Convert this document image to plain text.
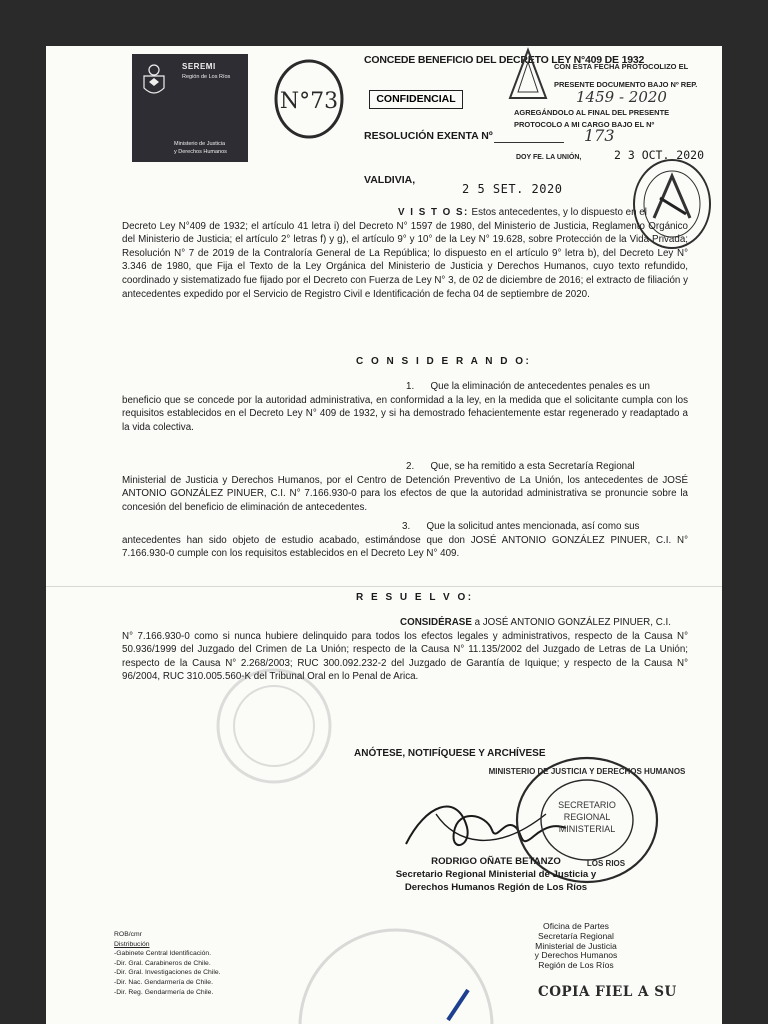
SEREMI
Región de Los Ríos
Ministerio de Justicia
y Derechos Humanos
N°73
CONCEDE BENEFICIO DEL DECRETO LEY N°409 DE 1932
CONFIDENCIAL
RESOLUCIÓN EXENTA Nº
VALDIVIA,
2 5 SET. 2020
CON ESTA FECHA PROTOCOLIZO EL
PRESENTE DOCUMENTO BAJO Nº REP.
1459 - 2020
AGREGÁNDOLO AL FINAL DEL PRESENTE
PROTOCOLO A MI CARGO BAJO EL Nº
173
DOY FE. LA UNIÓN,	2 3 OCT. 2020

V I S T O S: Estos antecedentes, y lo dispuesto en el

Decreto Ley N°409 de 1932; el artículo 41 letra i) del Decreto N° 1597 de 1980, del Ministerio de Justicia, Reglamento Orgánico del Ministerio de Justicia; el artículo 2° letras f) y g), el artículo 9° y 10° de la Ley N° 19.628, sobre Protección de la Vida Privada; Resolución N° 7 de 2019 de la Contraloría General de La República; lo dispuesto en el artículo 9° letra b), del Decreto Ley N° 3.346 de 1980, que Fija el Texto de la Ley Orgánica del Ministerio de Justicia y Derechos Humanos, cuyo texto refundido, coordinado y sistematizado fue fijado por el Decreto con Fuerza de Ley N° 3, de 02 de diciembre de 2016; el extracto de filiación y antecedentes expedido por el Servicio de Registro Civil e Identificación de fecha 04 de septiembre de 2020.

C O N S I D E R A N D O:

1. Que la eliminación de antecedentes penales es un

beneficio que se concede por la autoridad administrativa, en conformidad a la ley, en la medida que el solicitante cumpla con los requisitos establecidos en el Decreto Ley N° 409 de 1932, y si ha demostrado fehacientemente estar regenerado y readaptado a la vida colectiva.

2. Que, se ha remitido a esta Secretaría Regional

Ministerial de Justicia y Derechos Humanos, por el Centro de Detención Preventivo de La Unión, los antecedentes de JOSÉ ANTONIO GONZÁLEZ PINUER, C.I. N° 7.166.930-0 para los efectos de que la autoridad administrativa se pronuncie sobre la concesión del beneficio de eliminación de antecedentes.

3. Que la solicitud antes mencionada, así como sus

antecedentes han sido objeto de estudio acabado, estimándose que don JOSÉ ANTONIO GONZÁLEZ PINUER, C.I. N° 7.166.930-0 cumple con los requisitos establecidos en el Decreto Ley N° 409.

R E S U E L V O:

CONSIDÉRASE a JOSÉ ANTONIO GONZÁLEZ PINUER, C.I.

N° 7.166.930-0 como si nunca hubiere delinquido para todos los efectos legales y administrativos, respecto de la Causa N° 50.936/1999 del Juzgado del Crimen de La Unión; respecto de la Causa N° 11.135/2002 del Juzgado de Letras de La Unión; respecto de la Causa N° 2.268/2003; RUC 300.092.232-2 del Juzgado de Garantía de Iquique; y respecto de la Causa N° 96/2004, RUC 310.005.560-K del Tribunal Oral en lo Penal de Arica.

ANÓTESE, NOTIFÍQUESE Y ARCHÍVESE
MINISTERIO DE JUSTICIA Y DERECHOS HUMANOS
SECRETARIO
REGIONAL
MINISTERIAL
LOS RIOS
RODRIGO OÑATE BETANZO
Secretario Regional Ministerial de Justicia y
Derechos Humanos Región de Los Ríos
ROB/cmr
Distribución
-Gabinete Central Identificación.
-Dir. Gral. Carabineros de Chile.
-Dir. Gral. Investigaciones de Chile.
-Dir. Nac. Gendarmería de Chile.
-Dir. Reg. Gendarmería de Chile.
Oficina de Partes
Secretaría Regional
Ministerial de Justicia
y Derechos Humanos
Región de Los Ríos
COPIA FIEL A SU
